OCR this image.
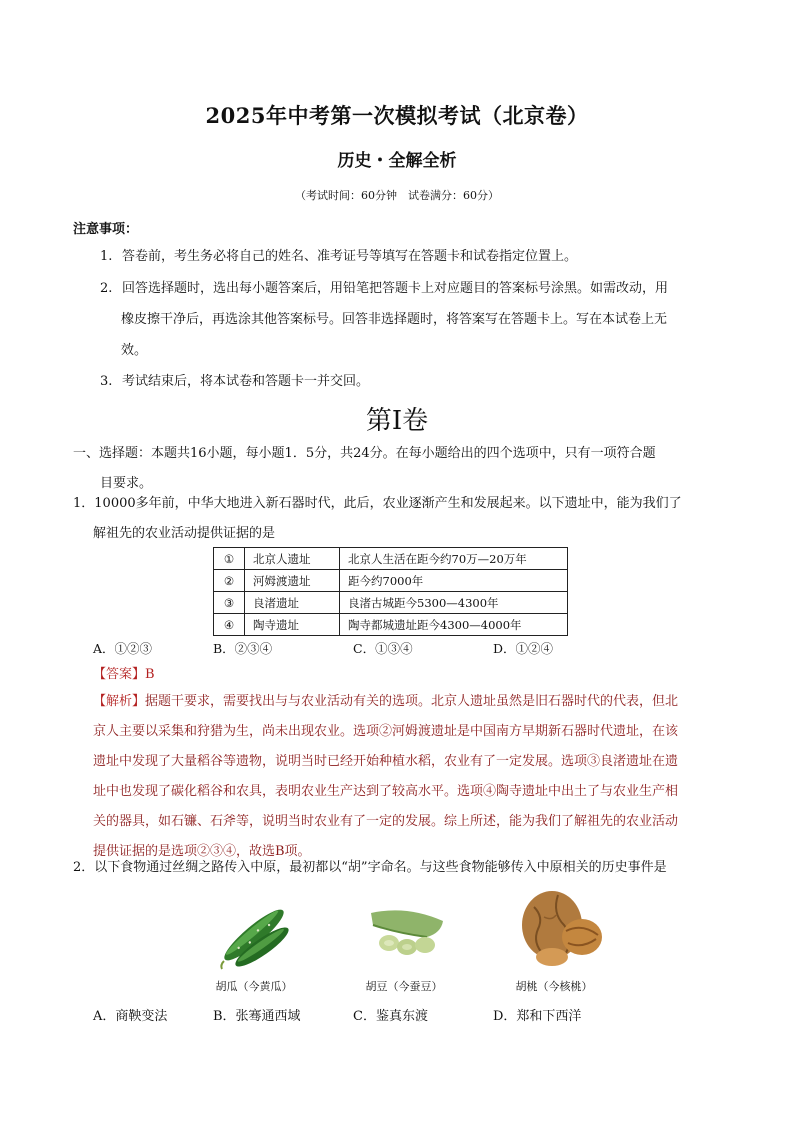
2025年中考第一次模拟考试（北京卷）
历史・全解全析
（考试时间：60分钟　试卷满分：60分）
注意事项：
1. 答卷前，考生务必将自己的姓名、准考证号等填写在答题卡和试卷指定位置上。
2. 回答选择题时，选出每小题答案后，用铅笔把答题卡上对应题目的答案标号涂黑。如需改动，用
橡皮擦干净后，再选涂其他答案标号。回答非选择题时，将答案写在答题卡上。写在本试卷上无
效。
3. 考试结束后，将本试卷和答题卡一并交回。
第Ⅰ卷
一、选择题：本题共16小题，每小题1．5分，共24分。在每小题给出的四个选项中，只有一项符合题
目要求。
1．10000多年前，中华大地进入新石器时代，此后，农业逐渐产生和发展起来。以下遗址中，能为我们了
解祖先的农业活动提供证据的是
①	北京人遗址	北京人生活在距今约70万—20万年
②	河姆渡遗址	距今约7000年
③	良渚遗址	良渚古城距今5300—4300年
④	陶寺遗址	陶寺都城遗址距今4300—4000年
A．①②③	B．②③④	C．①③④	D．①②④
【答案】B
【解析】据题干要求，需要找出与与农业活动有关的选项。北京人遗址虽然是旧石器时代的代表，但北
京人主要以采集和狩猎为生，尚未出现农业。选项②河姆渡遗址是中国南方早期新石器时代遗址，在该
遗址中发现了大量稻谷等遗物，说明当时已经开始种植水稻，农业有了一定发展。选项③良渚遗址在遗
址中也发现了碳化稻谷和农具，表明农业生产达到了较高水平。选项④陶寺遗址中出土了与农业生产相
关的器具，如石镰、石斧等，说明当时农业有了一定的发展。综上所述，能为我们了解祖先的农业活动
提供证据的是选项②③④，故选B项。
2．以下食物通过丝绸之路传入中原，最初都以“胡”字命名。与这些食物能够传入中原相关的历史事件是
胡瓜（今黄瓜）	胡豆（今蚕豆）	胡桃（今核桃）
A．商鞅变法	B．张骞通西域	C．鉴真东渡	D．郑和下西洋
